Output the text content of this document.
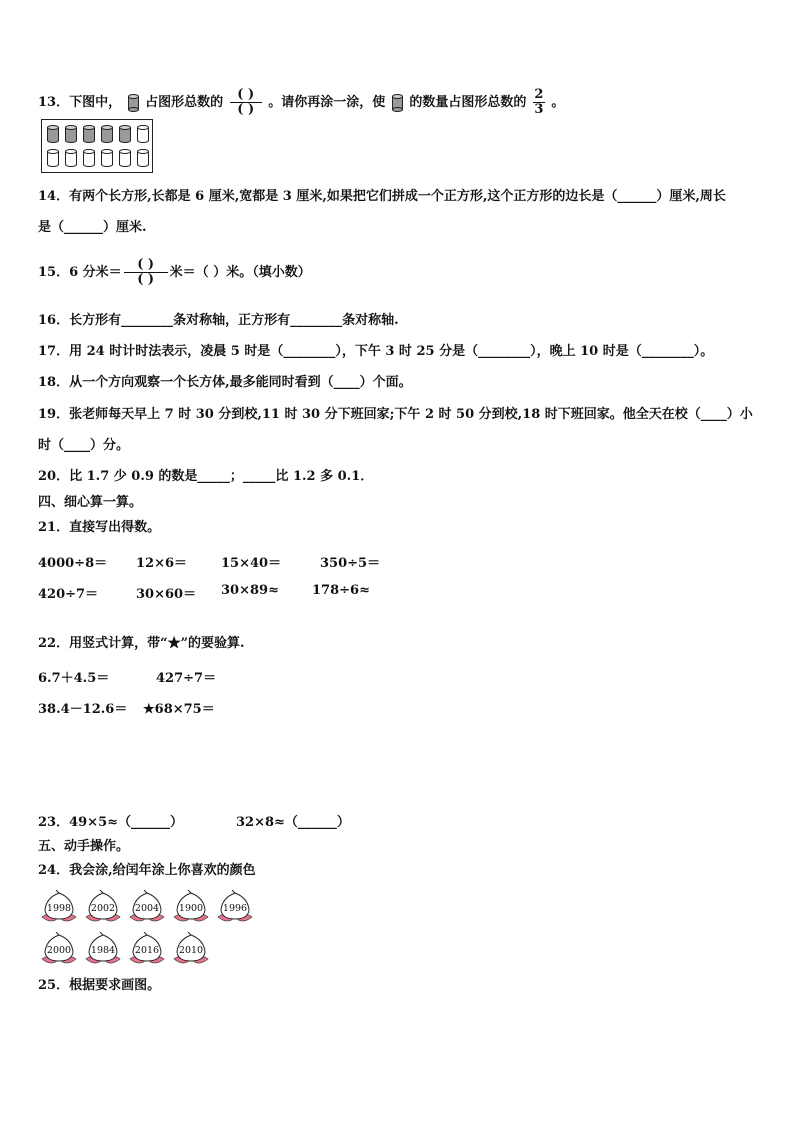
13．下图中， 占图形总数的 $\frac{( )}{( )}$ 。请你再涂一涂，使 的数量占图形总数的 $\frac{2}{3}$ 。
14．有两个长方形,长都是 6 厘米,宽都是 3 厘米,如果把它们拼成一个正方形,这个正方形的边长是（______）厘米,周长
是（______）厘米.
15．6 分米＝ $\frac{( )}{( )}$ 米＝（ ）米。（填小数）
16．长方形有________条对称轴，正方形有________条对称轴.
17．用 24 时计时法表示，凌晨 5 时是（________），下午 3 时 25 分是（________），晚上 10 时是（________）。
18．从一个方向观察一个长方体,最多能同时看到（____）个面。
19．张老师每天早上 7 时 30 分到校,11 时 30 分下班回家;下午 2 时 50 分到校,18 时下班回家。他全天在校（____）小
时（____）分。
20．比 1.7 少 0.9 的数是_____；_____比 1.2 多 0.1．
四、细心算一算。
21．直接写出得数。
4000÷8＝ 12×6＝	15×40＝	350÷5＝
420÷7＝	30×60＝ 30×89≈	178÷6≈
22．用竖式计算，带“★”的要验算.
6.7＋4.5＝	427÷7＝
38.4－12.6＝ ★68×75＝
23．49×5≈（______）	32×8≈（______）
五、动手操作。
24．我会涂,给闰年涂上你喜欢的颜色
1998 2002 2004 1900 1996
2000 1984 2016 2010
25．根据要求画图。
